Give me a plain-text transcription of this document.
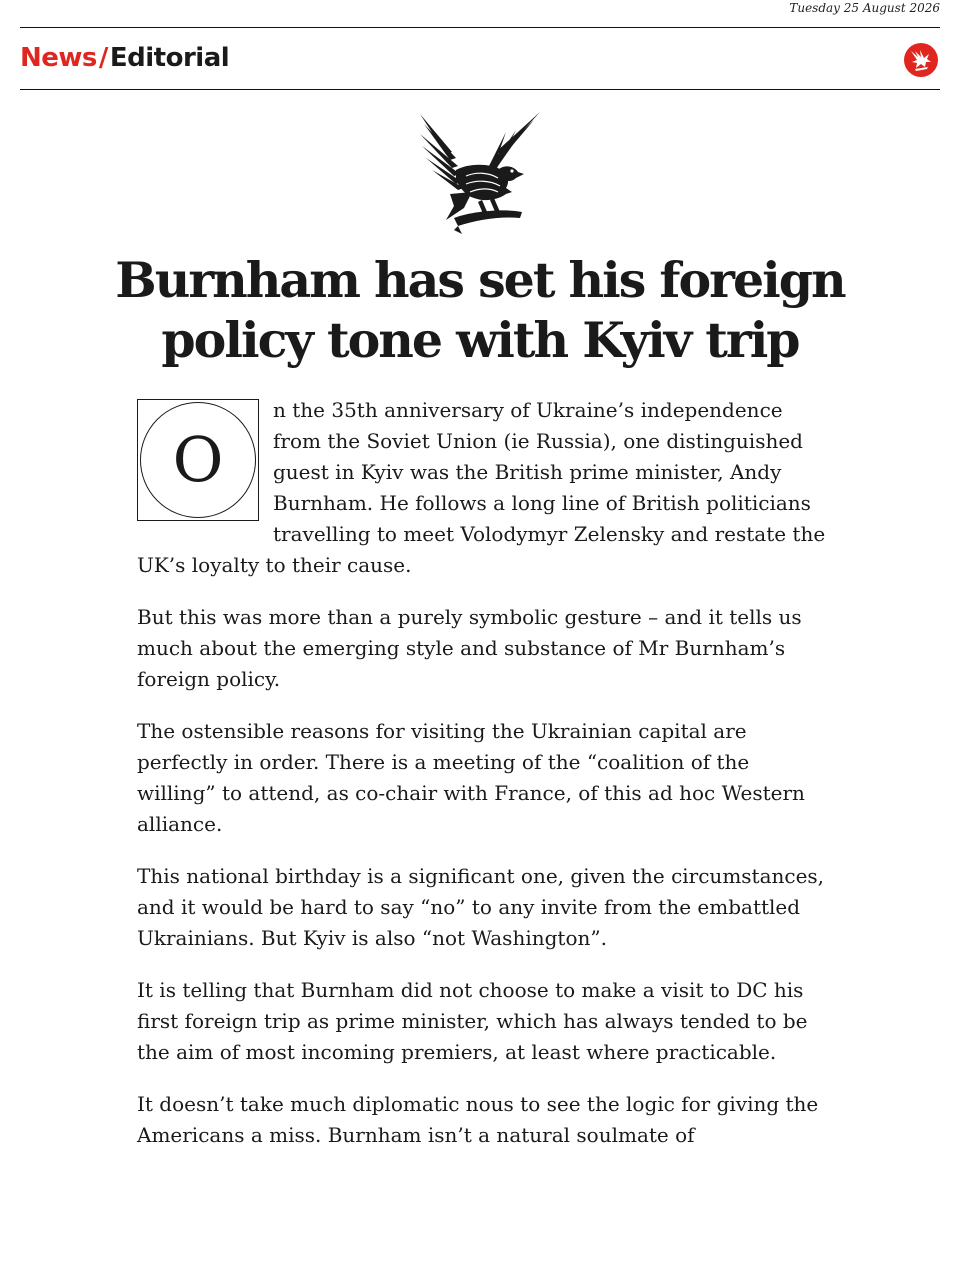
Tuesday 25 August 2026
News/Editorial
Burnham has set his foreign policy tone with Kyiv trip

O
n the 35th anniversary of Ukraine’s independence from the Soviet Union (ie Russia), one distinguished guest in Kyiv was the British prime minister, Andy Burnham. He follows a long line of British politicians travelling to meet Volodymyr Zelensky and restate the UK’s loyalty to their cause.

But this was more than a purely symbolic gesture – and it tells us much about the emerging style and substance of Mr Burnham’s foreign policy.

The ostensible reasons for visiting the Ukrainian capital are perfectly in order. There is a meeting of the “coalition of the willing” to attend, as co-chair with France, of this ad hoc Western alliance.

This national birthday is a significant one, given the circumstances, and it would be hard to say “no” to any invite from the embattled Ukrainians. But Kyiv is also “not Washington”.

It is telling that Burnham did not choose to make a visit to DC his first foreign trip as prime minister, which has always tended to be the aim of most incoming premiers, at least where practicable.

It doesn’t take much diplomatic nous to see the logic for giving the Americans a miss. Burnham isn’t a natural soulmate of
